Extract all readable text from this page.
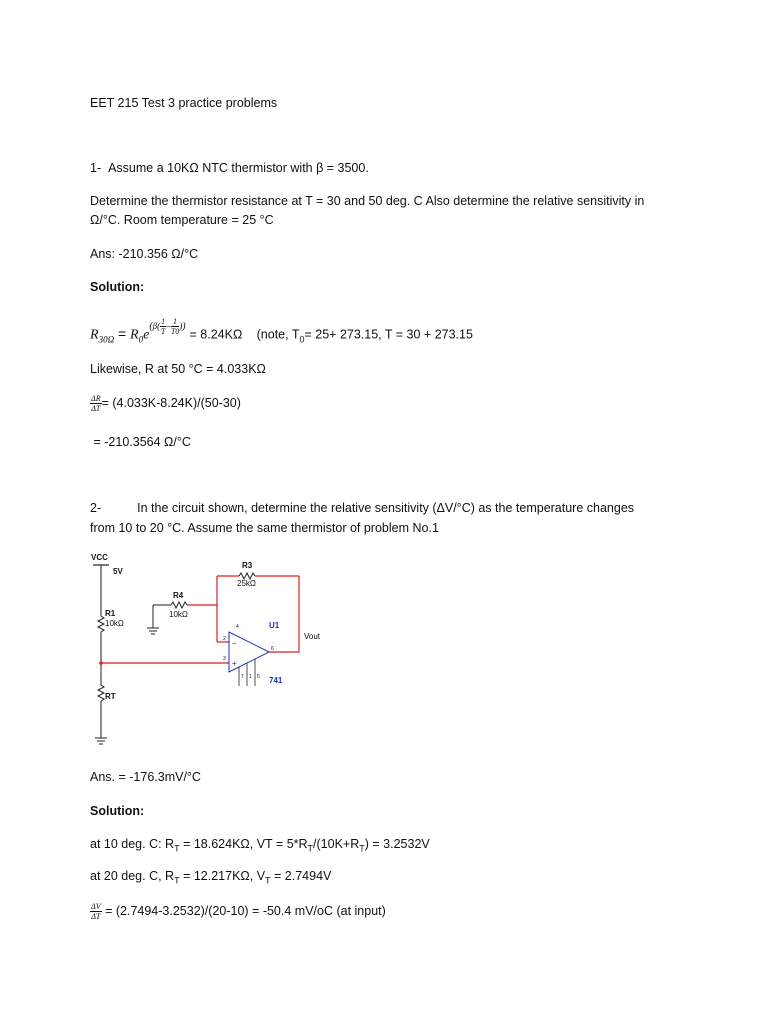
EET 215 Test 3 practice problems
1- Assume a 10KΩ NTC thermistor with β = 3500.
Determine the thermistor resistance at T = 30 and 50 deg. C Also determine the relative sensitivity in
Ω/°C. Room temperature = 25 °C
Ans: -210.356 Ω/°C
Solution:
$R_{30\Omega} = R_0e^{(\beta( \frac{1}{T} - \frac{1}{T0} ))} = 8.24K\Omega$ (note, $T_0= 25+ 273.15$, T = 30 + 273.15
Likewise, R at 50 °C = 4.033KΩ
$\frac{\Delta R}{\Delta T} = (4.033K-8.24K)/(50-30)$
= -210.3564 Ω/°C
2-	In the circuit shown, determine the relative sensitivity (ΔV/°C) as the temperature changes
from 10 to 20 °C. Assume the same thermistor of problem No.1
VCC
5V
R1
10kΩ
RT
R4
10kΩ
R3
25kΩ
−
+
4
3
2
6
7 1 5
U1
741
Vout
Ans. = -176.3mV/°C
Solution:
at 10 deg. C: $R_T = 18.624K\Omega$, VT = $5*R_T/(10K+R_T) = 3.2532V$
at 20 deg. C, $R_T = 12.217K\Omega$, $V_T = 2.7494V$
$\frac{\Delta V}{\Delta T} = (2.7494-3.2532)/(20-10) = -50.4$ mV/oC (at input)
